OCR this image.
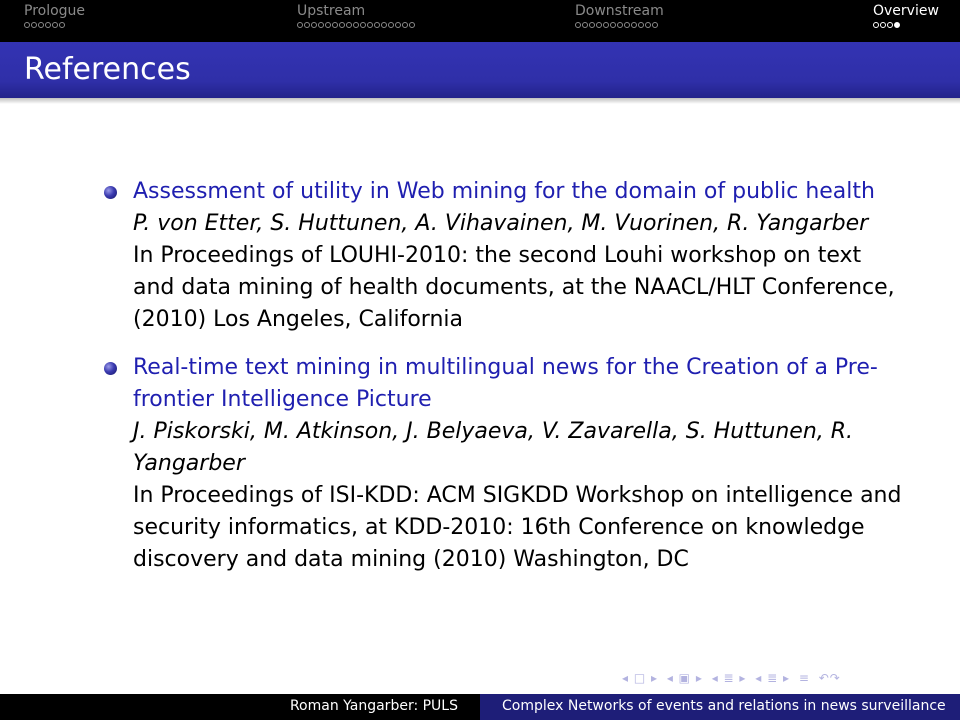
Prologue	Upstream	Downstream	Overview
References
Assessment of utility in Web mining for the domain of public health
P. von Etter, S. Huttunen, A. Vihavainen, M. Vuorinen, R. Yangarber
In Proceedings of LOUHI-2010: the second Louhi workshop on text and data mining of health documents, at the NAACL/HLT Conference, (2010) Los Angeles, California
Real-time text mining in multilingual news for the Creation of a Pre-frontier Intelligence Picture
J. Piskorski, M. Atkinson, J. Belyaeva, V. Zavarella, S. Huttunen, R. Yangarber
In Proceedings of ISI-KDD: ACM SIGKDD Workshop on intelligence and security informatics, at KDD-2010: 16th Conference on knowledge discovery and data mining (2010) Washington, DC
◂ □ ▸ ◂ ▣ ▸ ◂ ≣ ▸ ◂ ≣ ▸ ≡ ↶↷
Roman Yangarber: PULS	Complex Networks of events and relations in news surveillance
